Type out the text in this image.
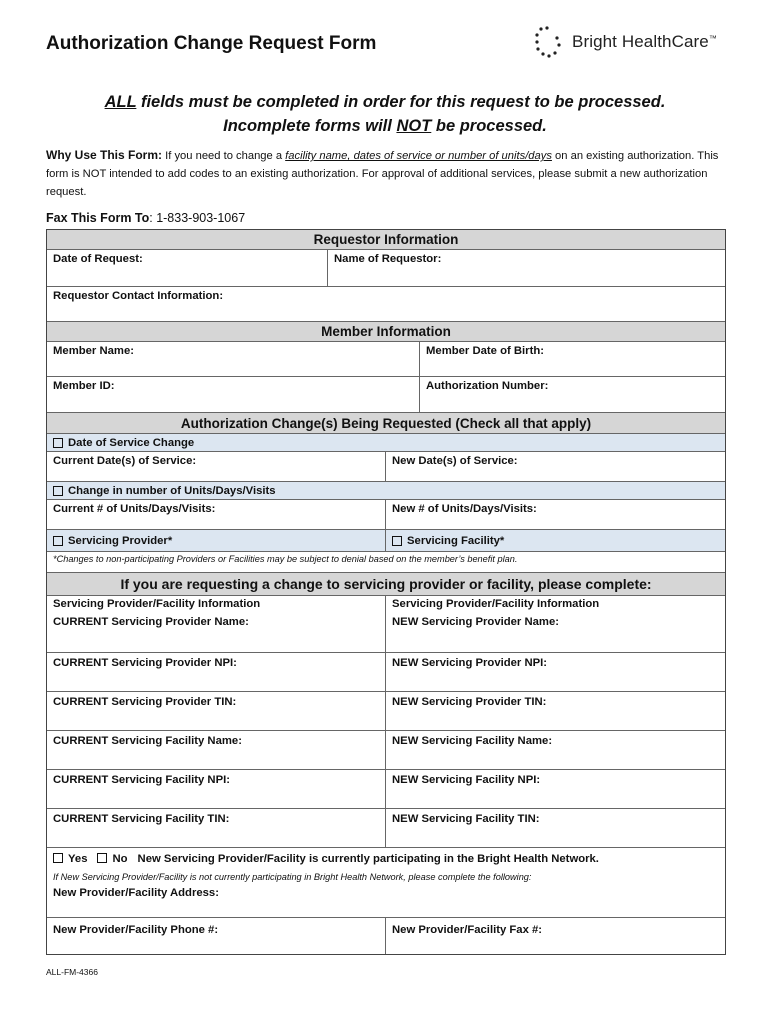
Authorization Change Request Form	Bright HealthCare™
ALL fields must be completed in order for this request to be processed.
Incomplete forms will NOT be processed.
Why Use This Form: If you need to change a facility name, dates of service or number of units/days on an existing authorization. This form is NOT intended to add codes to an existing authorization. For approval of additional services, please submit a new authorization request.
Fax This Form To: 1-833-903-1067
Requestor Information
Date of Request:	Name of Requestor:
Requestor Contact Information:
Member Information
Member Name:	Member Date of Birth:
Member ID:	Authorization Number:
Authorization Change(s) Being Requested (Check all that apply)
Date of Service Change
Current Date(s) of Service:	New Date(s) of Service:
Change in number of Units/Days/Visits
Current # of Units/Days/Visits:	New # of Units/Days/Visits:
Servicing Provider*	Servicing Facility*
*Changes to non-participating Providers or Facilities may be subject to denial based on the member’s benefit plan.
If you are requesting a change to servicing provider or facility, please complete:
Servicing Provider/Facility Information	Servicing Provider/Facility Information
CURRENT Servicing Provider Name:	NEW Servicing Provider Name:
CURRENT Servicing Provider NPI:	NEW Servicing Provider NPI:
CURRENT Servicing Provider TIN:	NEW Servicing Provider TIN:
CURRENT Servicing Facility Name:	NEW Servicing Facility Name:
CURRENT Servicing Facility NPI:	NEW Servicing Facility NPI:
CURRENT Servicing Facility TIN:	NEW Servicing Facility TIN:
Yes	No New Servicing Provider/Facility is currently participating in the Bright Health Network.
If New Servicing Provider/Facility is not currently participating in Bright Health Network, please complete the following:
New Provider/Facility Address:
New Provider/Facility Phone #:	New Provider/Facility Fax #:
ALL-FM-4366
